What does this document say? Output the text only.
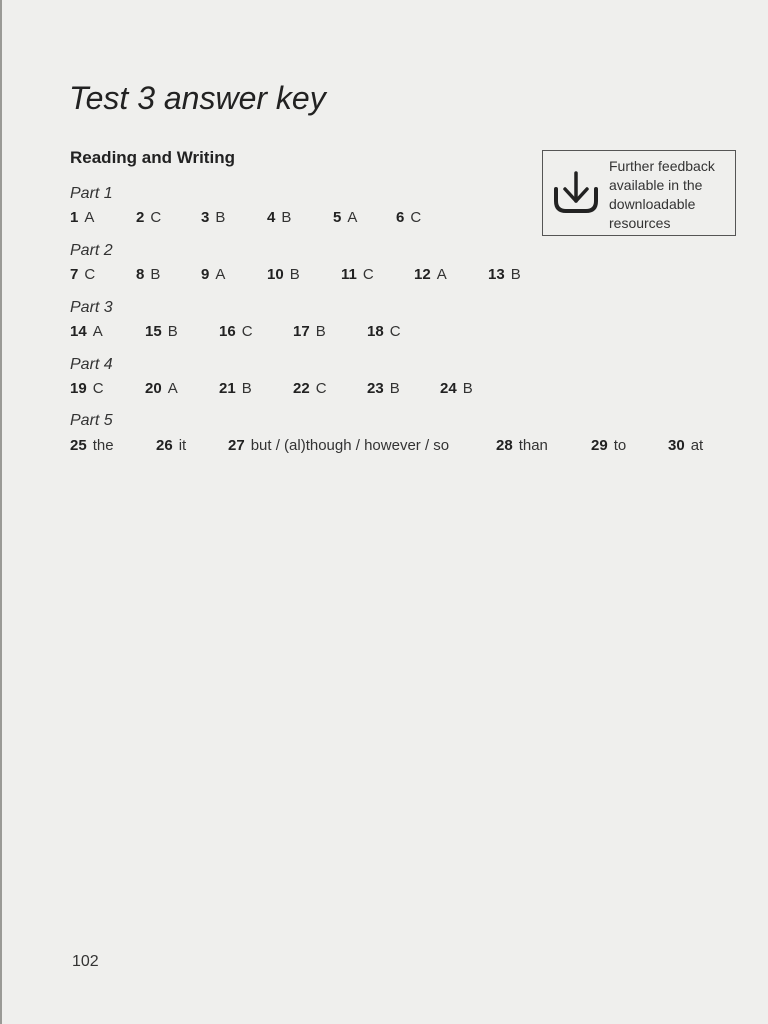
Test 3 answer key
Reading and Writing	Further feedback
available in the
downloadable
resources
Part 1
1 A	2 C	3 B	4 B	5 A	6 C
Part 2
7 C	8 B	9 A	10 B	11 C	12 A	13 B
Part 3
14 A	15 B	16 C	17 B	18 C
Part 4
19 C	20 A	21 B	22 C	23 B	24 B
Part 5
25 the	26 it	27 but / (al)though / however / so	28 than	29 to	30 at
102
